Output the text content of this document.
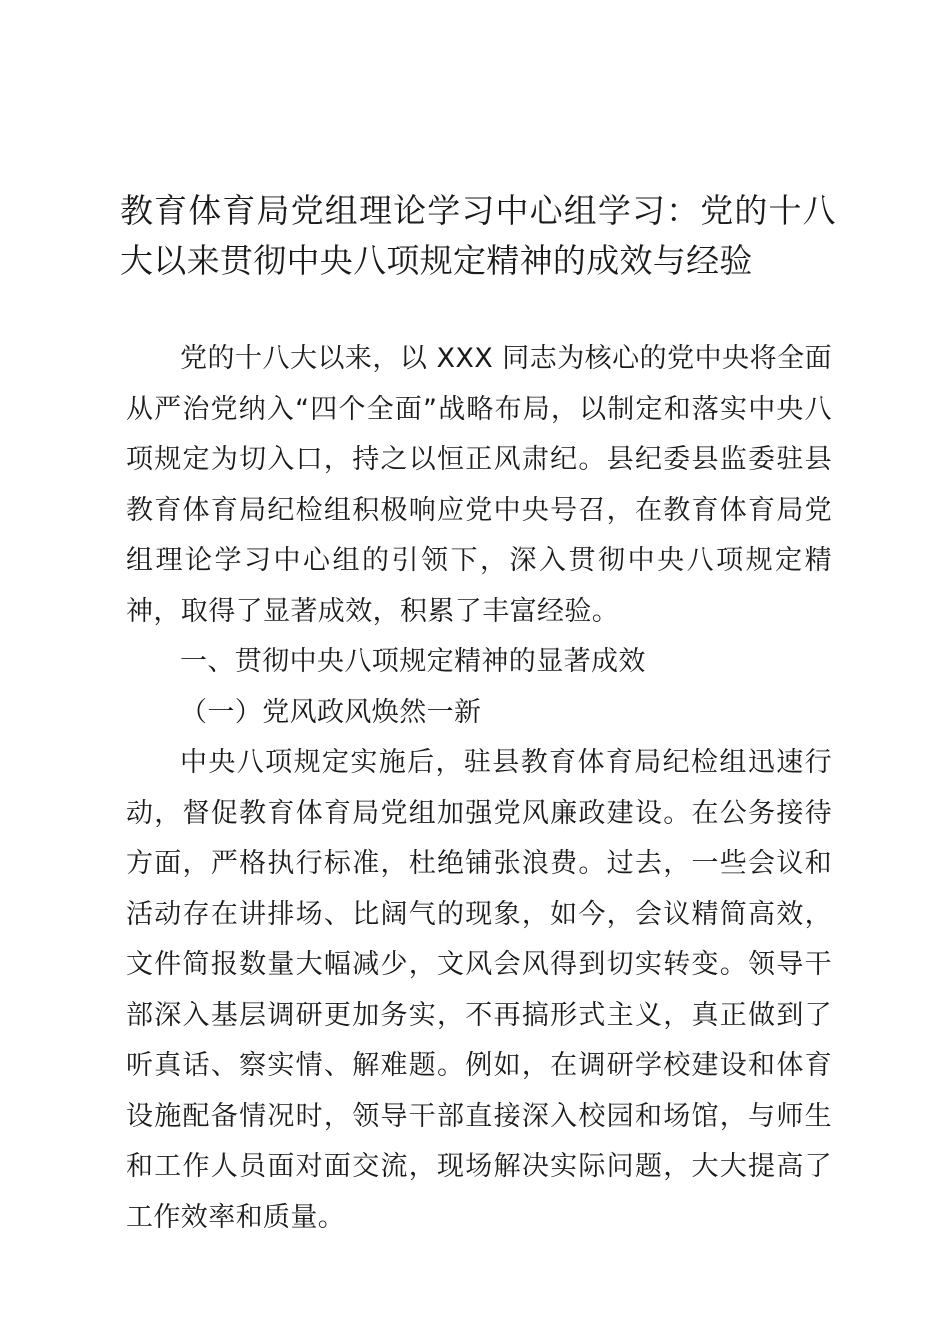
教育体育局党组理论学习中心组学习：党的十八大以来贯彻中央八项规定精神的成效与经验

党的十八大以来，以 XXX 同志为核心的党中央将全面从严治党纳入“四个全面”战略布局，以制定和落实中央八项规定为切入口，持之以恒正风肃纪。县纪委县监委驻县教育体育局纪检组积极响应党中央号召，在教育体育局党组理论学习中心组的引领下，深入贯彻中央八项规定精神，取得了显著成效，积累了丰富经验。

一、贯彻中央八项规定精神的显著成效

（一）党风政风焕然一新

中央八项规定实施后，驻县教育体育局纪检组迅速行动，督促教育体育局党组加强党风廉政建设。在公务接待方面，严格执行标准，杜绝铺张浪费。过去，一些会议和活动存在讲排场、比阔气的现象，如今，会议精简高效，文件简报数量大幅减少，文风会风得到切实转变。领导干部深入基层调研更加务实，不再搞形式主义，真正做到了听真话、察实情、解难题。例如，在调研学校建设和体育设施配备情况时，领导干部直接深入校园和场馆，与师生和工作人员面对面交流，现场解决实际问题，大大提高了工作效率和质量。
